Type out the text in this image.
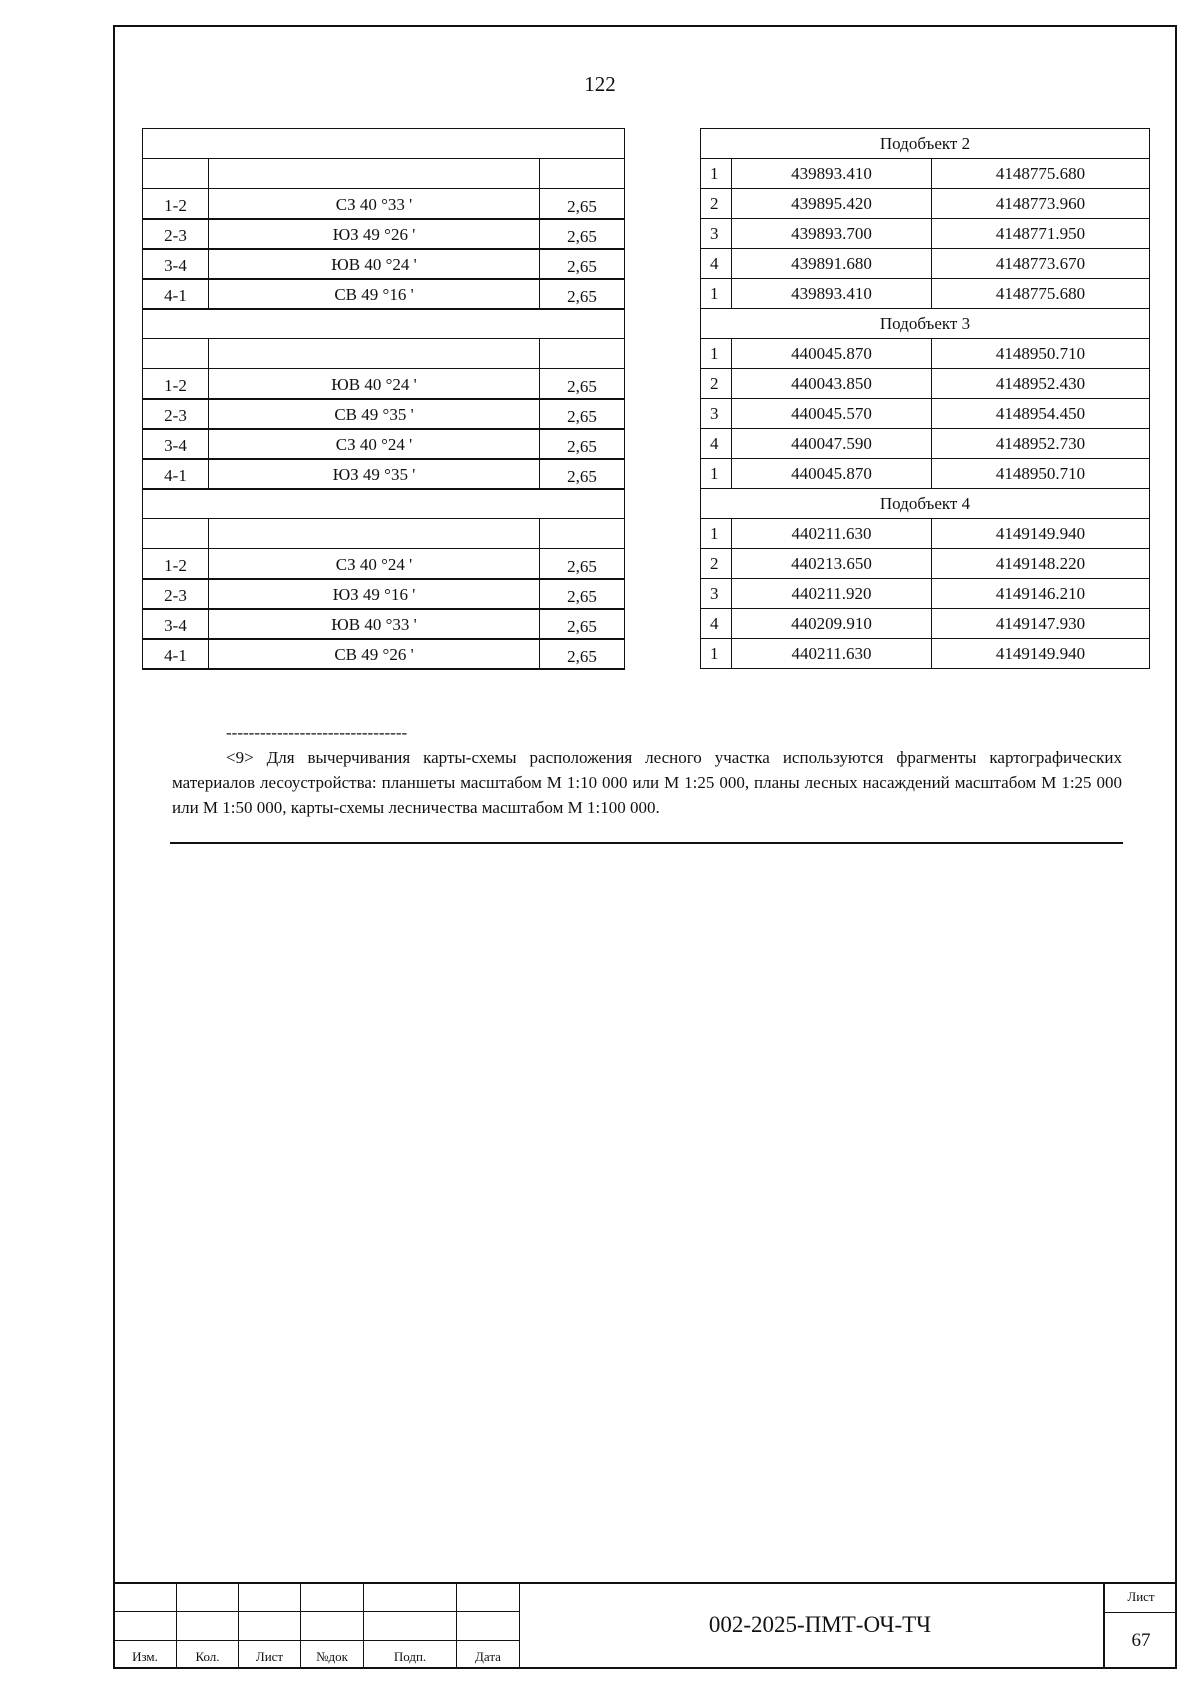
122

1-2	СЗ 40 °33 '	2,65
2-3	ЮЗ 49 °26 '	2,65
3-4	ЮВ 40 °24 '	2,65
4-1	СВ 49 °16 '	2,65

1-2	ЮВ 40 °24 '	2,65
2-3	СВ 49 °35 '	2,65
3-4	СЗ 40 °24 '	2,65
4-1	ЮЗ 49 °35 '	2,65

1-2	СЗ 40 °24 '	2,65
2-3	ЮЗ 49 °16 '	2,65
3-4	ЮВ 40 °33 '	2,65
4-1	СВ 49 °26 '	2,65
Подобъект 2		
1	439893.410	4148775.680
2	439895.420	4148773.960
3	439893.700	4148771.950
4	439891.680	4148773.670
1	439893.410	4148775.680
Подобъект 3		
1	440045.870	4148950.710
2	440043.850	4148952.430
3	440045.570	4148954.450
4	440047.590	4148952.730
1	440045.870	4148950.710
Подобъект 4		
1	440211.630	4149149.940
2	440213.650	4149148.220
3	440211.920	4149146.210
4	440209.910	4149147.930
1	440211.630	4149149.940
--------------------------------
<9> Для вычерчивания карты-схемы расположения лесного участка используются фрагменты картографических материалов лесоустройства: планшеты масштабом М 1:10 000 или М 1:25 000, планы лесных насаждений масштабом М 1:25 000 или М 1:50 000, карты-схемы лесничества масштабом М 1:100 000.

Изм.	Кол.	Лист	№док	Подп.	Дата
002-2025-ПМТ-ОЧ-ТЧ
Лист
67
